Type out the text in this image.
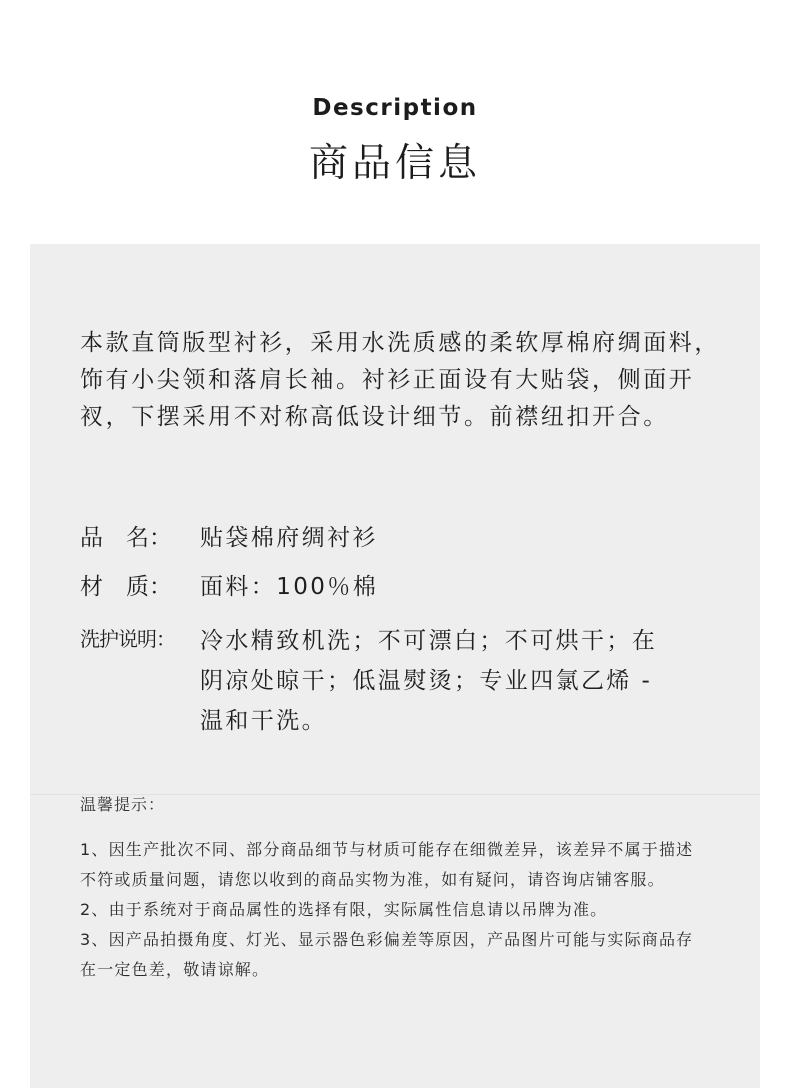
Description
商品信息
本款直筒版型衬衫，采用水洗质感的柔软厚棉府绸面料，饰有小尖领和落肩长袖。衬衫正面设有大贴袋，侧面开衩，下摆采用不对称高低设计细节。前襟纽扣开合。
品　名：	贴袋棉府绸衬衫
材　质：	面料：100％棉
洗护说明：	冷水精致机洗；不可漂白；不可烘干；在阴凉处晾干；低温熨烫；专业四氯乙烯 - 温和干洗。
温馨提示：

1、因生产批次不同、部分商品细节与材质可能存在细微差异，该差异不属于描述不符或质量问题，请您以收到的商品实物为准，如有疑问，请咨询店铺客服。

2、由于系统对于商品属性的选择有限，实际属性信息请以吊牌为准。

3、因产品拍摄角度、灯光、显示器色彩偏差等原因，产品图片可能与实际商品存在一定色差，敬请谅解。
